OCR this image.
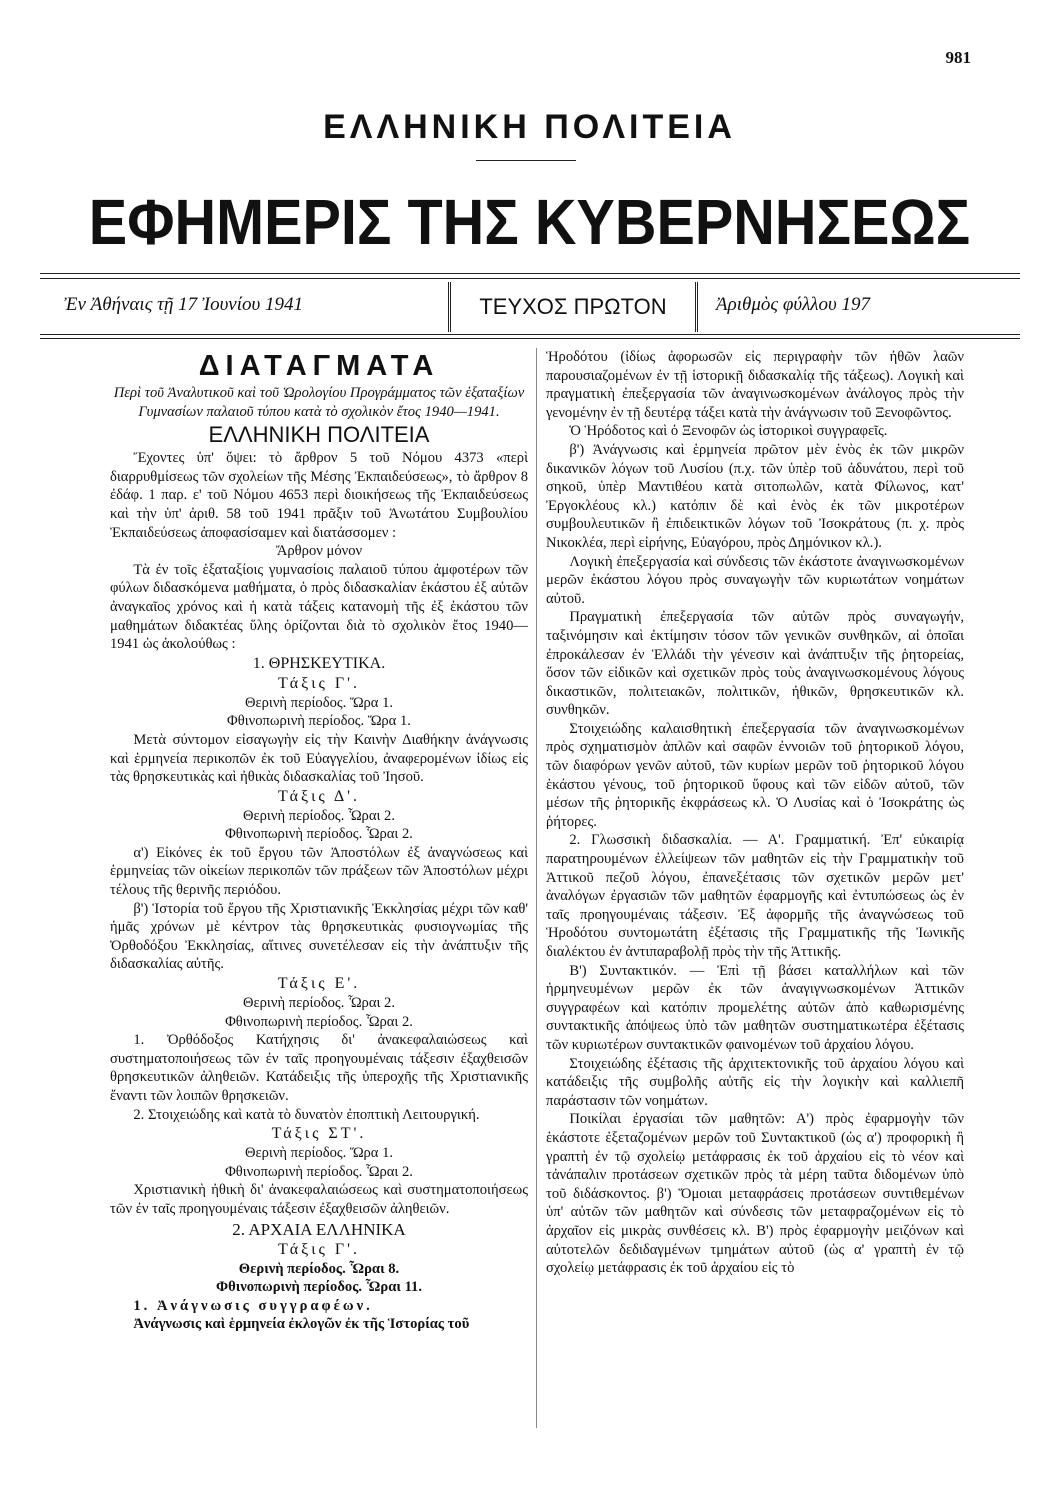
981
ΕΛΛΗΝΙΚΗ ΠΟΛΙΤΕΙΑ
ΕΦΗΜΕΡΙΣ ΤΗΣ ΚΥΒΕΡΝΗΣΕΩΣ
Ἐν Ἀθήναις τῇ 17 Ἰουνίου 1941	ΤΕΥΧΟΣ ΠΡΩΤΟΝ	Ἀριθμὸς φύλλου 197

ΔΙΑΤΑΓΜΑΤΑ

Περὶ τοῦ Ἀναλυτικοῦ καὶ τοῦ Ὡρολογίου Προγράμματος τῶν ἑξαταξίων Γυμνασίων παλαιοῦ τύπου κατὰ τὸ σχολικὸν ἔτος 1940—1941.

ΕΛΛΗΝΙΚΗ ΠΟΛΙΤΕΙΑ

Ἔχοντες ὑπ' ὄψει: τὸ ἄρθρον 5 τοῦ Νόμου 4373 «περὶ διαρρυθμίσεως τῶν σχολείων τῆς Μέσης Ἐκπαιδεύσεως», τὸ ἄρθρον 8 ἐδάφ. 1 παρ. ε' τοῦ Νόμου 4653 περὶ διοικήσεως τῆς Ἐκπαιδεύσεως καὶ τὴν ὑπ' ἀριθ. 58 τοῦ 1941 πρᾶξιν τοῦ Ἀνωτάτου Συμβουλίου Ἐκπαιδεύσεως ἀποφασίσαμεν καὶ διατάσσομεν :

Ἄρθρον μόνον

Τὰ ἐν τοῖς ἑξαταξίοις γυμνασίοις παλαιοῦ τύπου ἀμφοτέρων τῶν φύλων διδασκόμενα μαθήματα, ὁ πρὸς διδασκαλίαν ἑκάστου ἐξ αὐτῶν ἀναγκαῖος χρόνος καὶ ἡ κατὰ τάξεις κατανομὴ τῆς ἐξ ἑκάστου τῶν μαθημάτων διδακτέας ὕλης ὁρίζονται διὰ τὸ σχολικὸν ἔτος 1940—1941 ὡς ἀκολούθως :

1. ΘΡΗΣΚΕΥΤΙΚΑ.

Τάξις Γ'.

Θερινὴ περίοδος. Ὥρα 1.

Φθινοπωρινὴ περίοδος. Ὥρα 1.

Μετὰ σύντομον εἰσαγωγὴν εἰς τὴν Καινὴν Διαθήκην ἀνάγνωσις καὶ ἑρμηνεία περικοπῶν ἐκ τοῦ Εὐαγγελίου, ἀναφερομένων ἰδίως εἰς τὰς θρησκευτικὰς καὶ ἠθικὰς διδασκαλίας τοῦ Ἰησοῦ.

Τάξις Δ'.

Θερινὴ περίοδος. Ὧραι 2.

Φθινοπωρινὴ περίοδος. Ὧραι 2.

α') Εἰκόνες ἐκ τοῦ ἔργου τῶν Ἀποστόλων ἐξ ἀναγνώσεως καὶ ἑρμηνείας τῶν οἰκείων περικοπῶν τῶν πράξεων τῶν Ἀποστόλων μέχρι τέλους τῆς θερινῆς περιόδου.

β') Ἱστορία τοῦ ἔργου τῆς Χριστιανικῆς Ἐκκλησίας μέχρι τῶν καθ' ἡμᾶς χρόνων μὲ κέντρον τὰς θρησκευτικὰς φυσιογνωμίας τῆς Ὀρθοδόξου Ἐκκλησίας, αἵτινες συνετέλεσαν εἰς τὴν ἀνάπτυξιν τῆς διδασκαλίας αὐτῆς.

Τάξις Ε'.

Θερινὴ περίοδος. Ὧραι 2.

Φθινοπωρινὴ περίοδος. Ὧραι 2.

1. Ὀρθόδοξος Κατήχησις δι' ἀνακεφαλαιώσεως καὶ συστηματοποιήσεως τῶν ἐν ταῖς προηγουμέναις τάξεσιν ἐξαχθεισῶν θρησκευτικῶν ἀληθειῶν. Κατάδειξις τῆς ὑπεροχῆς τῆς Χριστιανικῆς ἔναντι τῶν λοιπῶν θρησκειῶν.

2. Στοιχειώδης καὶ κατὰ τὸ δυνατὸν ἐποπτικὴ Λειτουργική.

Τάξις ΣΤ'.

Θερινὴ περίοδος. Ὥρα 1.

Φθινοπωρινὴ περίοδος. Ὧραι 2.

Χριστιανικὴ ἠθικὴ δι' ἀνακεφαλαιώσεως καὶ συστηματοποιήσεως τῶν ἐν ταῖς προηγουμέναις τάξεσιν ἐξαχθεισῶν ἀληθειῶν.

2. ΑΡΧΑΙΑ ΕΛΛΗΝΙΚΑ

Τάξις Γ'.

Θερινὴ περίοδος. Ὧραι 8.

Φθινοπωρινὴ περίοδος. Ὧραι 11.

1. Ἀνάγνωσις συγγραφέων.

Ἀνάγνωσις καὶ ἑρμηνεία ἐκλογῶν ἐκ τῆς Ἱστορίας τοῦ

Ἡροδότου (ἰδίως ἀφορωσῶν εἰς περιγραφὴν τῶν ἠθῶν λαῶν παρουσιαζομένων ἐν τῇ ἱστορικῇ διδασκαλίᾳ τῆς τάξεως). Λογικὴ καὶ πραγματικὴ ἐπεξεργασία τῶν ἀναγινωσκομένων ἀνάλογος πρὸς τὴν γενομένην ἐν τῇ δευτέρᾳ τάξει κατὰ τὴν ἀνάγνωσιν τοῦ Ξενοφῶντος.

Ὁ Ἡρόδοτος καὶ ὁ Ξενοφῶν ὡς ἱστορικοὶ συγγραφεῖς.

β') Ἀνάγνωσις καὶ ἑρμηνεία πρῶτον μὲν ἑνὸς ἐκ τῶν μικρῶν δικανικῶν λόγων τοῦ Λυσίου (π.χ. τῶν ὑπὲρ τοῦ ἀδυνάτου, περὶ τοῦ σηκοῦ, ὑπὲρ Μαντιθέου κατὰ σιτοπωλῶν, κατὰ Φίλωνος, κατ' Ἐργοκλέους κλ.) κατόπιν δὲ καὶ ἑνὸς ἐκ τῶν μικροτέρων συμβουλευτικῶν ἢ ἐπιδεικτικῶν λόγων τοῦ Ἰσοκράτους (π. χ. πρὸς Νικοκλέα, περὶ εἰρήνης, Εὐαγόρου, πρὸς Δημόνικον κλ.).

Λογικὴ ἐπεξεργασία καὶ σύνδεσις τῶν ἑκάστοτε ἀναγινωσκομένων μερῶν ἑκάστου λόγου πρὸς συναγωγὴν τῶν κυριωτάτων νοημάτων αὐτοῦ.

Πραγματικὴ ἐπεξεργασία τῶν αὐτῶν πρὸς συναγωγήν, ταξινόμησιν καὶ ἐκτίμησιν τόσον τῶν γενικῶν συνθηκῶν, αἱ ὁποῖαι ἐπροκάλεσαν ἐν Ἑλλάδι τὴν γένεσιν καὶ ἀνάπτυξιν τῆς ῥητορείας, ὅσον τῶν εἰδικῶν καὶ σχετικῶν πρὸς τοὺς ἀναγινωσκομένους λόγους δικαστικῶν, πολιτειακῶν, πολιτικῶν, ἠθικῶν, θρησκευτικῶν κλ. συνθηκῶν.

Στοιχειώδης καλαισθητικὴ ἐπεξεργασία τῶν ἀναγινωσκομένων πρὸς σχηματισμὸν ἁπλῶν καὶ σαφῶν ἐννοιῶν τοῦ ῥητορικοῦ λόγου, τῶν διαφόρων γενῶν αὐτοῦ, τῶν κυρίων μερῶν τοῦ ῥητορικοῦ λόγου ἑκάστου γένους, τοῦ ῥητορικοῦ ὕφους καὶ τῶν εἰδῶν αὐτοῦ, τῶν μέσων τῆς ῥητορικῆς ἐκφράσεως κλ. Ὁ Λυσίας καὶ ὁ Ἰσοκράτης ὡς ῥήτορες.

2. Γλωσσικὴ διδασκαλία. — Α'. Γραμματική. Ἐπ' εὐκαιρίᾳ παρατηρουμένων ἐλλείψεων τῶν μαθητῶν εἰς τὴν Γραμματικὴν τοῦ Ἀττικοῦ πεζοῦ λόγου, ἐπανεξέτασις τῶν σχετικῶν μερῶν μετ' ἀναλόγων ἐργασιῶν τῶν μαθητῶν ἐφαρμογῆς καὶ ἐντυπώσεως ὡς ἐν ταῖς προηγουμέναις τάξεσιν. Ἐξ ἀφορμῆς τῆς ἀναγνώσεως τοῦ Ἡροδότου συντομωτάτη ἐξέτασις τῆς Γραμματικῆς τῆς Ἰωνικῆς διαλέκτου ἐν ἀντιπαραβολῇ πρὸς τὴν τῆς Ἀττικῆς.

Β') Συντακτικόν. — Ἐπὶ τῇ βάσει καταλλήλων καὶ τῶν ἡρμηνευμένων μερῶν ἐκ τῶν ἀναγιγνωσκομένων Ἀττικῶν συγγραφέων καὶ κατόπιν προμελέτης αὐτῶν ἀπὸ καθωρισμένης συντακτικῆς ἀπόψεως ὑπὸ τῶν μαθητῶν συστηματικωτέρα ἐξέτασις τῶν κυριωτέρων συντακτικῶν φαινομένων τοῦ ἀρχαίου λόγου.

Στοιχειώδης ἐξέτασις τῆς ἀρχιτεκτονικῆς τοῦ ἀρχαίου λόγου καὶ κατάδειξις τῆς συμβολῆς αὐτῆς εἰς τὴν λογικὴν καὶ καλλιεπῆ παράστασιν τῶν νοημάτων.

Ποικίλαι ἐργασίαι τῶν μαθητῶν: Α') πρὸς ἐφαρμογὴν τῶν ἑκάστοτε ἐξεταζομένων μερῶν τοῦ Συντακτικοῦ (ὡς α') προφορικὴ ἢ γραπτὴ ἐν τῷ σχολείῳ μετάφρασις ἐκ τοῦ ἀρχαίου εἰς τὸ νέον καὶ τἀνάπαλιν προτάσεων σχετικῶν πρὸς τὰ μέρη ταῦτα διδομένων ὑπὸ τοῦ διδάσκοντος. β') Ὅμοιαι μεταφράσεις προτάσεων συντιθεμένων ὑπ' αὐτῶν τῶν μαθητῶν καὶ σύνδεσις τῶν μεταφραζομένων εἰς τὸ ἀρχαῖον εἰς μικρὰς συνθέσεις κλ. Β') πρὸς ἐφαρμογὴν μειζόνων καὶ αὐτοτελῶν δεδιδαγμένων τμημάτων αὐτοῦ (ὡς α' γραπτὴ ἐν τῷ σχολείῳ μετάφρασις ἐκ τοῦ ἀρχαίου εἰς τὸ
